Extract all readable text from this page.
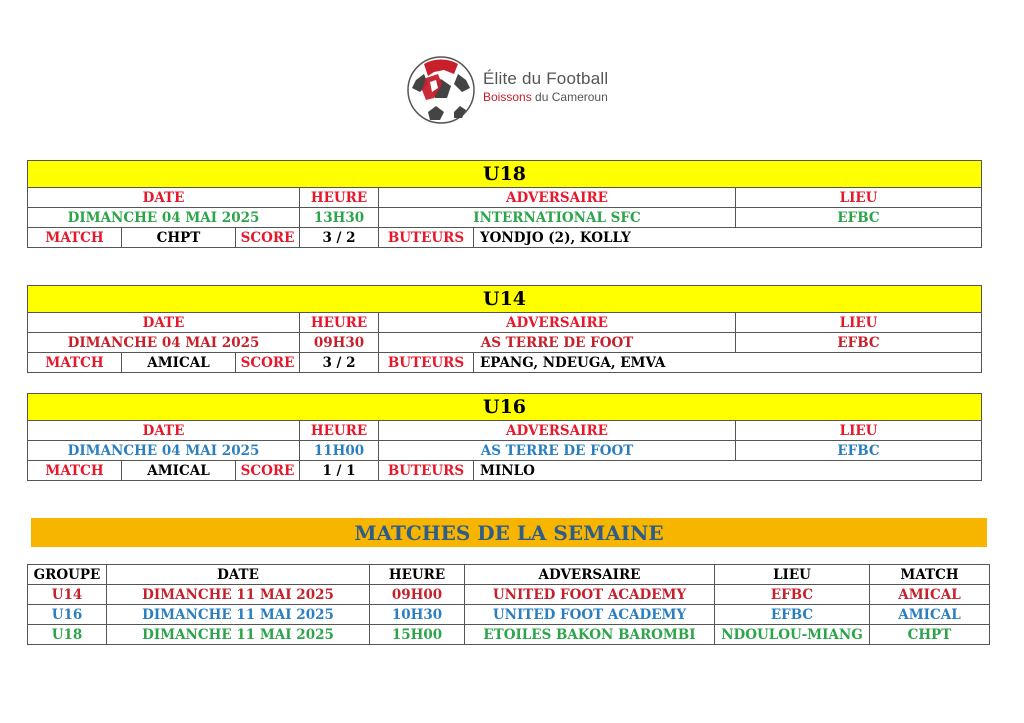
Élite du Football
Boissons du Cameroun
U18						
DATE			HEURE	ADVERSAIRE		LIEU
DIMANCHE 04 MAI 2025			13H30	INTERNATIONAL SFC		EFBC
MATCH	CHPT	SCORE	3 / 2	BUTEURS	YONDJO (2), KOLLY	
U14						
DATE			HEURE	ADVERSAIRE		LIEU
DIMANCHE 04 MAI 2025			09H30	AS TERRE DE FOOT		EFBC
MATCH	AMICAL	SCORE	3 / 2	BUTEURS	EPANG, NDEUGA, EMVA	
U16						
DATE			HEURE	ADVERSAIRE		LIEU
DIMANCHE 04 MAI 2025			11H00	AS TERRE DE FOOT		EFBC
MATCH	AMICAL	SCORE	1 / 1	BUTEURS	MINLO	
MATCHES DE LA SEMAINE
GROUPE	DATE	HEURE	ADVERSAIRE	LIEU	MATCH
U14	DIMANCHE 11 MAI 2025	09H00	UNITED FOOT ACADEMY	EFBC	AMICAL
U16	DIMANCHE 11 MAI 2025	10H30	UNITED FOOT ACADEMY	EFBC	AMICAL
U18	DIMANCHE 11 MAI 2025	15H00	ETOILES BAKON BAROMBI	NDOULOU-MIANG	CHPT
